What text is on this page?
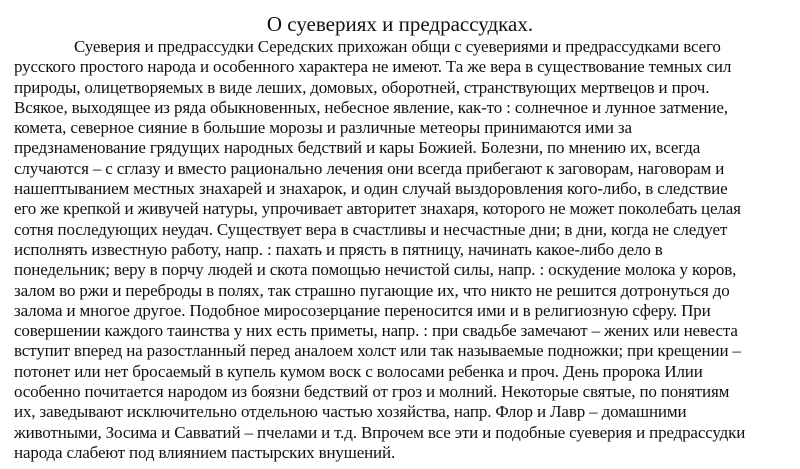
О суевериях и предрассудках.
Суеверия и предрассудки Середских прихожан общи с суевериями и предрассудками всего
русского простого народа и особенного характера не имеют. Та же вера в существование темных сил
природы, олицетворяемых в виде леших, домовых, оборотней, странствующих мертвецов и проч.
Всякое, выходящее из ряда обыкновенных, небесное явление, как-то : солнечное и лунное затмение,
комета, северное сияние в большие морозы и различные метеоры принимаются ими за
предзнаменование грядущих народных бедствий и кары Божией. Болезни, по мнению их, всегда
случаются – с сглазу и вместо рационально лечения они всегда прибегают к заговорам, наговорам и
нашептыванием местных знахарей и знахарок, и один случай выздоровления кого-либо, в следствие
его же крепкой и живучей натуры, упрочивает авторитет знахаря, которого не может поколебать целая
сотня последующих неудач. Существует вера в счастливы и несчастные дни; в дни, когда не следует
исполнять известную работу, напр. : пахать и прясть в пятницу, начинать какое-либо дело в
понедельник; веру в порчу людей и скота помощью нечистой силы, напр. : оскудение молока у коров,
залом во ржи и переброды в полях, так страшно пугающие их, что никто не решится дотронуться до
залома и многое другое. Подобное миросозерцание переносится ими и в религиозную сферу. При
совершении каждого таинства у них есть приметы, напр. : при свадьбе замечают – жених или невеста
вступит вперед на разостланный перед аналоем холст или так называемые подножки; при крещении –
потонет или нет бросаемый в купель кумом воск с волосами ребенка и проч. День пророка Илии
особенно почитается народом из боязни бедствий от гроз и молний. Некоторые святые, по понятиям
их, заведывают исключительно отдельною частью хозяйства, напр. Флор и Лавр – домашними
животными, Зосима и Савватий – пчелами и т.д. Впрочем все эти и подобные суеверия и предрассудки
народа слабеют под влиянием пастырских внушений.
